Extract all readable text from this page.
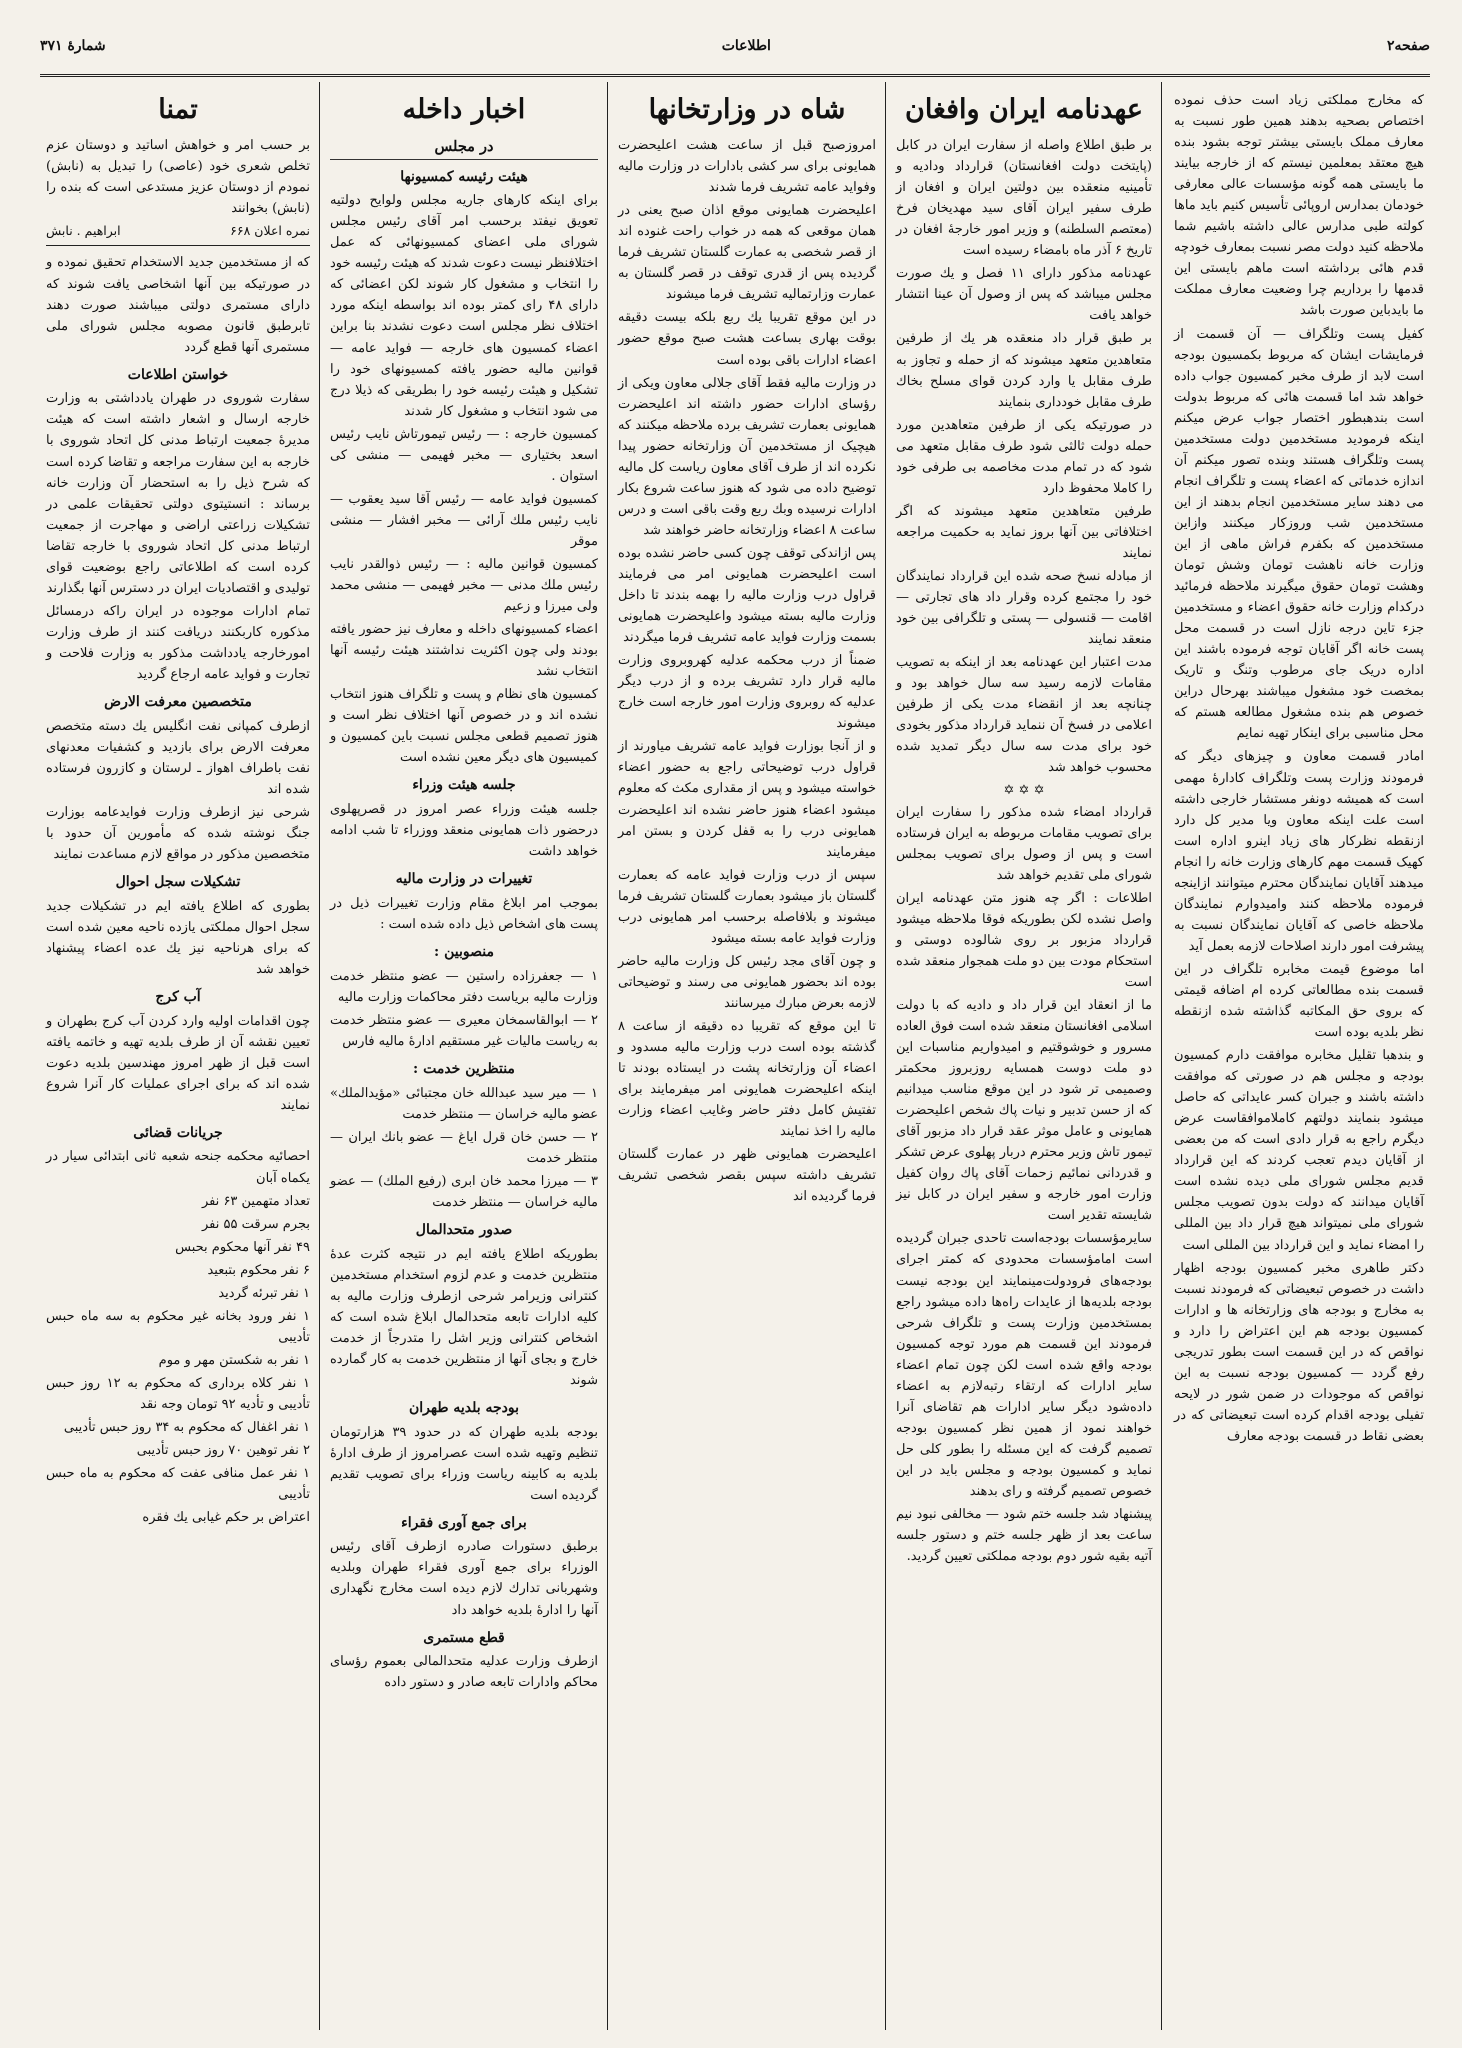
صفحه۲
اطلاعات
شمارهٔ ۳۷۱

که مخارج مملکتی زیاد است حذف نموده اختصاص بصحیه بدهند همین طور نسبت به معارف مملک بایستی بیشتر توجه بشود بنده هیچ معتقد بمعلمین نیستم که از خارجه بیایند ما بایستی همه گونه مؤسسات عالی معارفی خودمان بمدارس اروپائی تأسیس کنیم باید ماها کولته طبی مدارس عالی داشته باشیم شما ملاحظه کنید دولت مصر نسبت بمعارف خودچه قدم هائی برداشته است ماهم بایستی این قدمها را برداریم چرا وضعیت معارف مملکت ما بایدباین صورت باشد

کفیل پست وتلگراف — آن قسمت از فرمایشات ایشان که مربوط بکمسیون بودجه است لابد از طرف مخبر کمسیون جواب داده خواهد شد اما قسمت هائی که مربوط بدولت است بندهبطور اختصار جواب عرض میکنم اینکه فرمودید مستخدمین دولت مستخدمین پست وتلگراف هستند وبنده تصور میکنم آن اندازه خدماتی که اعضاء پست و تلگراف انجام می دهند سایر مستخدمین انجام بدهند از این مستخدمین شب وروزکار میکنند وازاین مستخدمین که بکفرم فراش ماهی از این وزارت خانه ناهشت تومان وشش تومان وهشت تومان حقوق میگیرند ملاحظه فرمائید درکدام وزارت خانه حقوق اعضاء و مستخدمین جزء تاین درجه نازل است در قسمت محل پست خانه اگر آقایان توجه فرموده باشند این اداره دریک جای مرطوب وتنگ و تاریک بمخصت خود مشغول میباشند بهرحال دراین خصوص هم بنده مشغول مطالعه هستم که محل مناسبی برای اینکار تهیه نمایم

امادر قسمت معاون و چیزهای دیگر که فرمودند وزارت پست وتلگراف کادارهٔ مهمی است که همیشه دونفر مستشار خارجی داشته است علت اینکه معاون ویا مدیر کل دارد ازنقطه نظرکار های زیاد اینرو اداره است کهیک قسمت مهم کارهای وزارت خانه را انجام میدهند آقایان نمایندگان محترم میتوانند ازاینجه فرموده ملاحظه کنند وامیدوارم نمایندگان ملاحظه خاصی که آقایان نمایندگان نسبت به پیشرفت امور دارند اصلاحات لازمه بعمل آید

اما موضوع قیمت مخابره تلگراف در این قسمت بنده مطالعاتی کرده ام اضافه قیمتی که بروی حق المکاتبه گذاشته شده ازنقطه نظر بلدیه بوده است

و بندهبا تقلیل مخابره موافقت دارم کمسیون بودجه و مجلس هم در صورتی که موافقت داشته باشند و جبران کسر عایداتی که حاصل میشود بنمایند دولتهم کاملاموافقاست عرض دیگرم راجع به قرار دادی است که من بعضی از آقایان دیدم تعجب کردند که این قرارداد قدیم مجلس شورای ملی دیده نشده است آقایان میدانند که دولت بدون تصویب مجلس شورای ملی نمیتواند هیچ قرار داد بین المللی را امضاء نماید و این قرارداد بین المللی است

دکتر طاهری مخبر کمسیون بودجه اظهار داشت در خصوص تبعیضاتی که فرمودند نسبت به مخارج و بودجه های وزارتخانه ها و ادارات کمسیون بودجه هم این اعتراض را دارد و نواقص که در این قسمت است بطور تدریجی رفع گردد — کمسیون بودجه نسبت به این نواقص که موجودات در ضمن شور در لایحه تفیلی بودجه اقدام کرده است تبعیضاتی که در بعضی نقاط در قسمت بودجه معارف

عهدنامه ایران وافغان

بر طبق اطلاع واصله از سفارت ایران در کابل (پایتخت دولت افغانستان) قرارداد ودادیه و تأمینیه منعقده بین دولتین ایران و افغان از طرف سفیر ایران آقای سید مهدیخان فرخ (معتصم السلطنه) و وزیر امور خارجهٔ افغان در تاریخ ۶ آذر ماه بامضاء رسیده است

عهدنامه مذکور دارای ۱۱ فصل و یك صورت مجلس میباشد که پس از وصول آن عینا انتشار خواهد یافت

بر طبق قرار داد منعقده هر یك از طرفین متعاهدین متعهد میشوند که از حمله و تجاوز به طرف مقابل یا وارد کردن قوای مسلح بخاك طرف مقابل خودداری بنمایند

در صورتیکه یکی از طرفین متعاهدین مورد حمله دولت ثالثی شود طرف مقابل متعهد می شود که در تمام مدت مخاصمه بی طرفی خود را کاملا محفوظ دارد

طرفین متعاهدین متعهد میشوند که اگر اختلافاتی بین آنها بروز نماید به حکمیت مراجعه نمایند

از مبادله نسخ صحه شده این قرارداد نمایندگان خود را مجتمع کرده وقرار داد های تجارتی — اقامت — قنسولی — پستی و تلگرافی بین خود منعقد نمایند

مدت اعتبار این عهدنامه بعد از اینکه به تصویب مقامات لازمه رسید سه سال خواهد بود و چنانچه بعد از انقضاء مدت یکی از طرفین اعلامی در فسخ آن ننماید قرارداد مذکور بخودی خود برای مدت سه سال دیگر تمدید شده محسوب خواهد شد

✡ ✡ ✡

قرارداد امضاء شده مذکور را سفارت ایران برای تصویب مقامات مربوطه به ایران فرستاده است و پس از وصول برای تصویب بمجلس شورای ملی تقدیم خواهد شد

اطلاعات : اگر چه هنوز متن عهدنامه ایران واصل نشده لکن بطوریکه فوقا ملاحظه میشود قرارداد مزبور بر روی شالوده دوستی و استحکام مودت بین دو ملت همجوار منعقد شده است

ما از انعقاد این قرار داد و دادیه که با دولت اسلامی افغانستان منعقد شده است فوق العاده مسرور و خوشوقتیم و امیدواریم مناسبات این دو ملت دوست همسایه روزبروز محکمتر وصمیمی تر شود در این موقع مناسب میدانیم که از حسن تدبیر و نیات پاك شخص اعلیحضرت همایونی و عامل موثر عقد قرار داد مزبور آقای تیمور تاش وزیر محترم دربار پهلوی عرض تشکر و قدردانی نمائیم زحمات آقای پاك روان کفیل وزارت امور خارجه و سفیر ایران در کابل نیز شایسته تقدیر است

سایرمؤسسات بودجه‌است تاحدی جبران گردیده است امامؤسسات محدودی که کمتر اجرای بودجه‌های فرودولت‌مینمایند این بودجه نیست بودجه بلدیه‌ها از عایدات راه‌ها داده میشود راجع بمستخدمین وزارت پست و تلگراف شرحی فرمودند این قسمت هم مورد توجه کمسیون بودجه واقع شده است لکن چون تمام اعضاء سایر ادارات که ارتقاء رتبه‌لازم به اعضاء داده‌شود دیگر سایر ادارات هم تقاضای آنرا خواهند نمود از همین نظر کمسیون بودجه تصمیم گرفت که این مسئله را بطور کلی حل نماید و کمسیون بودجه و مجلس باید در این خصوص تصمیم گرفته و رای بدهند

پیشنهاد شد جلسه ختم شود — مخالفی نبود نیم ساعت بعد از ظهر جلسه ختم و دستور جلسه آتیه بقیه شور دوم بودجه مملکتی تعیین گردید.

شاه در وزارتخانها

امروزصبح قبل از ساعت هشت اعلیحضرت همایونی برای سر کشی بادارات در وزارت مالیه وفواید عامه تشریف فرما شدند

اعلیحضرت همایونی موقع اذان صبح یعنی در همان موقعی که همه در خواب راحت غنوده اند از قصر شخصی به عمارت گلستان تشریف فرما گردیده پس از قدری توقف در قصر گلستان به عمارت وزارتمالیه تشریف فرما میشوند

در این موقع تقریبا یك ربع بلکه بیست دقیقه بوقت بهاری بساعت هشت صبح موقع حضور اعضاء ادارات باقی بوده است

در وزارت مالیه فقط آقای جلالی معاون ویکی از رؤسای ادارات حضور داشته اند اعلیحضرت همایونی بعمارت تشریف برده ملاحظه میکنند که هیچیک از مستخدمین آن وزارتخانه حضور پیدا نکرده اند از طرف آقای معاون ریاست کل مالیه توضیح داده می شود که هنوز ساعت شروع بکار ادارات نرسیده وبك ربع وقت باقی است و درس ساعت ۸ اعضاء وزارتخانه حاضر خواهند شد

پس ازاندکی توقف چون کسی حاضر نشده بوده است اعلیحضرت همایونی امر می فرمایند قراول درب وزارت مالیه را بهمه بندند تا داخل وزارت مالیه بسته میشود واعلیحضرت همایونی بسمت وزارت فواید عامه تشریف فرما میگردند

ضمناً از درب محکمه عدلیه کهروبروی وزارت مالیه قرار دارد تشریف برده و از درب دیگر عدلیه که روبروی وزارت امور خارجه است خارج میشوند

و از آنجا بوزارت فواید عامه تشریف میاورند از قراول درب توضیحاتی راجع به حضور اعضاء خواسته میشود و پس از مقداری مکث که معلوم میشود اعضاء هنوز حاضر نشده اند اعلیحضرت همایونی درب را به قفل کردن و بستن امر میفرمایند

سپس از درب وزارت فواید عامه که بعمارت گلستان باز میشود بعمارت گلستان تشریف فرما میشوند و بلافاصله برحسب امر همایونی درب وزارت فواید عامه بسته میشود

و چون آقای مجد رئیس کل وزارت مالیه حاضر بوده اند بحضور همایونی می رسند و توضیحاتی لازمه بعرض مبارك میرسانند

تا این موقع که تقریبا ده دقیقه از ساعت ۸ گذشته بوده است درب وزارت مالیه مسدود و اعضاء آن وزارتخانه پشت در ایستاده بودند تا اینکه اعلیحضرت همایونی امر میفرمایند برای تفتیش کامل دفتر حاضر وغایب اعضاء وزارت مالیه را اخذ نمایند

اعلیحضرت همایونی ظهر در عمارت گلستان تشریف داشته سپس بقصر شخصی تشریف فرما گردیده اند

اخبار داخله
در مجلس
هیئت رئیسه کمسیونها

برای اینکه کارهای جاریه مجلس ولوایح دولتیه تعویق نیفتد برحسب امر آقای رئیس مجلس شورای ملی اعضای کمسیونهائی که عمل اختلافنظر نیست دعوت شدند که هیئت رئیسه خود را انتخاب و مشغول کار شوند لکن اعضائی که دارای ۴۸ رای کمتر بوده اند بواسطه اینکه مورد اختلاف نظر مجلس است دعوت نشدند بنا براین اعضاء کمسیون های خارجه — فواید عامه — قوانین مالیه حضور یافته کمسیونهای خود را تشکیل و هیئت رئیسه خود را بطریقی که ذیلا درج می شود انتخاب و مشغول کار شدند

کمسیون خارجه : — رئیس تیمورتاش نایب رئیس اسعد بختیاری — مخبر فهیمی — منشی کی استوان .

کمسیون فواید عامه — رئیس آقا سید یعقوب — نایب رئیس ملك آرائی — مخبر افشار — منشی موقر

کمسیون قوانین مالیه : — رئیس ذوالقدر نایب رئیس ملك مدنی — مخبر فهیمی — منشی محمد ولی میرزا و زعیم

اعضاء کمسیونهای داخله و معارف نیز حضور یافته بودند ولی چون اکثریت نداشتند هیئت رئیسه آنها انتخاب نشد

کمسیون های نظام و پست و تلگراف هنوز انتخاب نشده اند و در خصوص آنها اختلاف نظر است و هنوز تصمیم قطعی مجلس نسبت باین کمسیون و کمیسیون های دیگر معین نشده است

جلسه هیئت وزراء

جلسه هیئت وزراء عصر امروز در قصرپهلوی درحضور ذات همایونی منعقد ووزراء تا شب ادامه خواهد داشت

تغییرات در وزارت مالیه

بموجب امر ابلاغ مقام وزارت تغییرات ذیل در پست های اشخاص ذیل داده شده است :

منصوبین :

۱ — جعفرزاده راستین — عضو منتظر خدمت وزارت مالیه بریاست دفتر محاکمات وزارت مالیه

۲ — ابوالقاسمخان معیری — عضو منتظر خدمت به ریاست مالیات غیر مستقیم ادارهٔ مالیه فارس

منتظرین خدمت :

۱ — میر سید عبدالله خان مجتبائی «مؤیدالملك» عضو مالیه خراسان — منتظر خدمت

۲ — حسن خان قرل ایاغ — عضو بانك ایران — منتظر خدمت

۳ — میرزا محمد خان ابری (رفیع الملك) — عضو مالیه خراسان — منتظر خدمت

صدور متحدالمال

بطوریکه اطلاع یافته ایم در نتیجه کثرت عدهٔ منتظرین خدمت و عدم لزوم استخدام مستخدمین کنترانی وزیرامر شرحی ازطرف وزارت مالیه به کلیه ادارات تابعه متحدالمال ابلاغ شده است که اشخاص کنترانی وزیر اشل را متدرجاً از خدمت خارج و بجای آنها از منتظرین خدمت به کار گمارده شوند

بودجه بلدیه طهران

بودجه بلدیه طهران که در حدود ۳۹ هزارتومان تنظیم وتهیه شده است عصرامروز از طرف ادارهٔ بلدیه به کابینه ریاست وزراء برای تصویب تقدیم گردیده است

برای جمع آوری فقراء

برطبق دستورات صادره ازطرف آقای رئیس الوزراء برای جمع آوری فقراء طهران وبلدیه وشهربانی تدارك لازم دیده است مخارج نگهداری آنها را ادارهٔ بلدیه خواهد داد

قطع مستمری

ازطرف وزارت عدلیه متحدالمالی بعموم رؤسای محاکم وادارات تابعه صادر و دستور داده

تمنا

بر حسب امر و خواهش اساتید و دوستان عزم تخلص شعری خود (عاصی) را تبدیل به (نابش) نمودم از دوستان عزیز مستدعی است که بنده را (نابش) بخوانند

نمره اعلان ۶۶۸
ابراهیم . نابش

که از مستخدمین جدید الاستخدام تحقیق نموده و در صورتیکه بین آنها اشخاصی یافت شوند که دارای مستمری دولتی میباشند صورت دهند تابرطبق قانون مصوبه مجلس شورای ملی مستمری آنها قطع گردد

خواستن اطلاعات

سفارت شوروی در طهران یادداشتی به وزارت خارجه ارسال و اشعار داشته است که هیئت مدیرهٔ جمعیت ارتباط مدنی کل اتحاد شوروی با خارجه به این سفارت مراجعه و تقاضا کرده است که شرح ذیل را به استحضار آن وزارت خانه برساند : انستیتوی دولتی تحقیقات علمی در تشکیلات زراعتی اراضی و مهاجرت از جمعیت ارتباط مدنی کل اتحاد شوروی با خارجه تقاضا کرده است که اطلاعاتی راجع بوضعیت قوای تولیدی و اقتصادیات ایران در دسترس آنها بگذارند

تمام ادارات موجوده در ایران راکه درمسائل مذکوره کاربکنند دریافت کنند از طرف وزارت امورخارجه یادداشت مذکور به وزارت فلاحت و تجارت و فواید عامه ارجاع گردید

متخصصین معرفت الارض

ازطرف کمپانی نفت انگلیس یك دسته متخصص معرفت الارض برای بازدید و کشفیات معدنهای نفت باطراف اهواز ـ لرستان و کازرون فرستاده شده اند

شرحی نیز ازطرف وزارت فوایدعامه بوزارت جنگ نوشته شده که مأمورین آن حدود با متخصصین مذکور در مواقع لازم مساعدت نمایند

تشکیلات سجل احوال

بطوری که اطلاع یافته ایم در تشکیلات جدید سجل احوال مملکتی یازده ناحیه معین شده است که برای هرناحیه نیز یك عده اعضاء پیشنهاد خواهد شد

آب کرج

چون اقدامات اولیه وارد کردن آب کرج بطهران و تعیین نقشه آن از طرف بلدیه تهیه و خاتمه یافته است قبل از ظهر امروز مهندسین بلدیه دعوت شده اند که برای اجرای عملیات کار آنرا شروع نمایند

جریانات قضائی

احصائیه محکمه جنحه شعبه ثانی ابتدائی سیار در یکماه آبان

تعداد متهمین ۶۳ نفر

بجرم سرقت ۵۵ نفر

۴۹ نفر آنها محکوم بحبس

۶ نفر محکوم بتبعید

۱ نفر تبرئه گردید

۱ نفر ورود بخانه غیر محکوم به سه ماه حبس تأدیبی

۱ نفر به شکستن مهر و موم

۱ نفر کلاه برداری که محکوم به ۱۲ روز حبس تأدیبی و تأدیه ۹۲ تومان وجه نقد

۱ نفر اغفال که محکوم به ۳۴ روز حبس تأدیبی

۲ نفر توهین ۷۰ روز حبس تأدیبی

۱ نفر عمل منافی عفت که محکوم به ماه حبس تأدیبی

اعتراض بر حکم غیابی یك فقره
